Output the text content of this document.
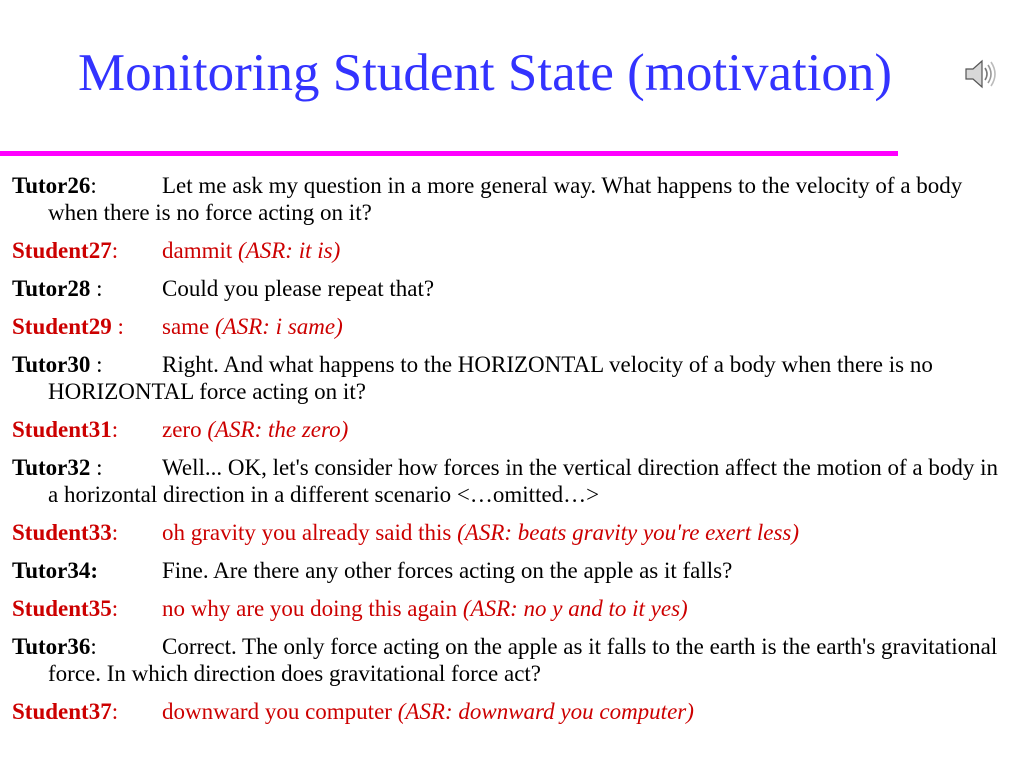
Monitoring Student State (motivation)
Tutor26:	Let me ask my question in a more general way. What happens to the velocity of a body when there is no force acting on it?
Student27: dammit (ASR: it is)
Tutor28 :	Could you please repeat that?
Student29 : same (ASR: i same)
Tutor30 :	Right. And what happens to the HORIZONTAL velocity of a body when there is no HORIZONTAL force acting on it?
Student31: zero (ASR: the zero)
Tutor32 :	Well... OK, let's consider how forces in the vertical direction affect the motion of a body in a horizontal direction in a different scenario <…omitted…>
Student33: oh gravity you already said this (ASR: beats gravity you're exert less)
Tutor34:	Fine. Are there any other forces acting on the apple as it falls?
Student35: no why are you doing this again (ASR: no y and to it yes)
Tutor36:	Correct. The only force acting on the apple as it falls to the earth is the earth's gravitational force. In which direction does gravitational force act?
Student37: downward you computer (ASR: downward you computer)
